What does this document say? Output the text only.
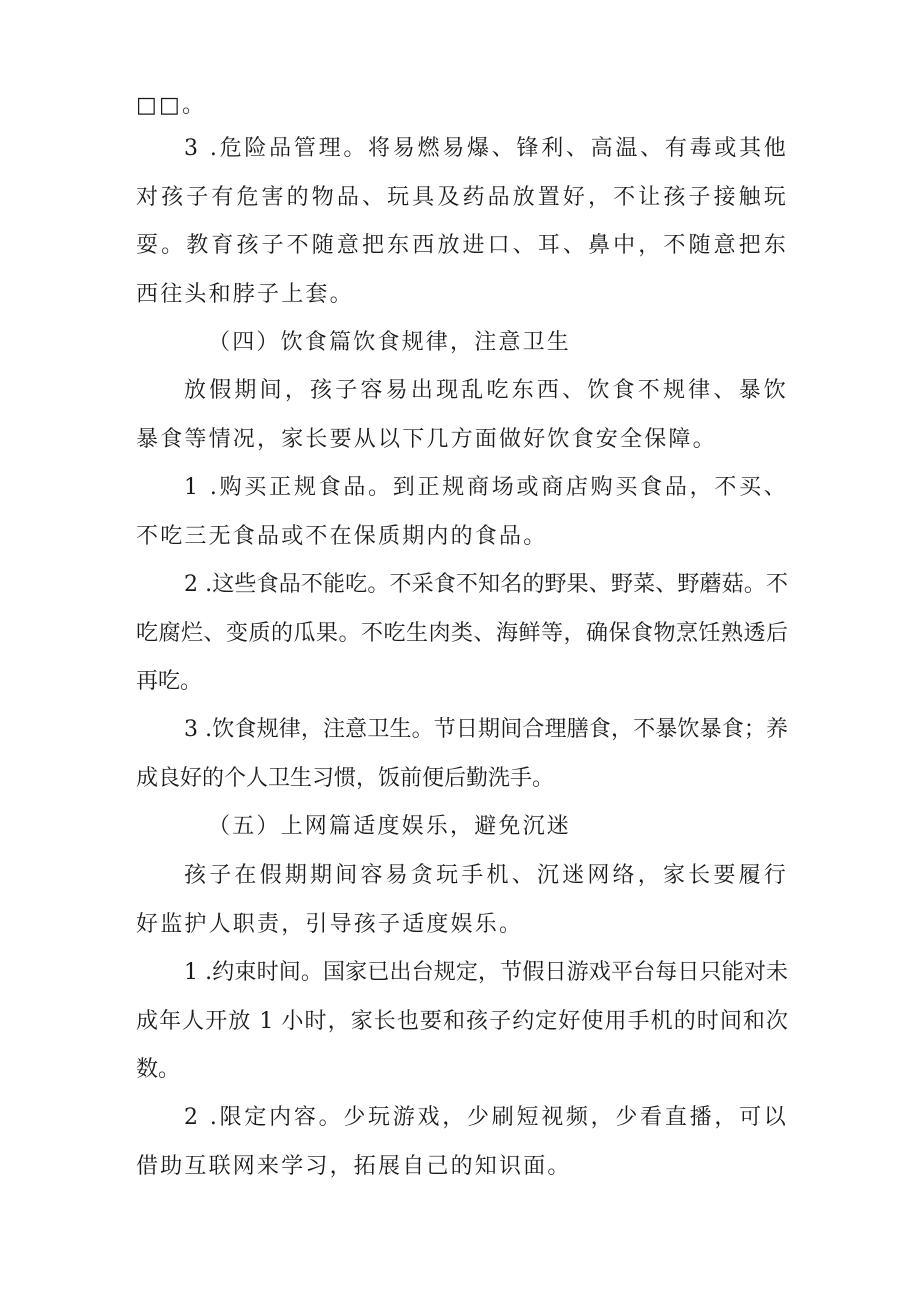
□□。

3 .危险品管理。将易燃易爆、锋利、高温、有毒或其他对孩子有危害的物品、玩具及药品放置好，不让孩子接触玩耍。教育孩子不随意把东西放进口、耳、鼻中，不随意把东西往头和脖子上套。

（四）饮食篇饮食规律，注意卫生

放假期间，孩子容易出现乱吃东西、饮食不规律、暴饮暴食等情况，家长要从以下几方面做好饮食安全保障。

1 .购买正规食品。到正规商场或商店购买食品，不买、不吃三无食品或不在保质期内的食品。

2 .这些食品不能吃。不采食不知名的野果、野菜、野蘑菇。不吃腐烂、变质的瓜果。不吃生肉类、海鲜等，确保食物烹饪熟透后再吃。

3 .饮食规律，注意卫生。节日期间合理膳食，不暴饮暴食；养成良好的个人卫生习惯，饭前便后勤洗手。

（五）上网篇适度娱乐，避免沉迷

孩子在假期期间容易贪玩手机、沉迷网络，家长要履行好监护人职责，引导孩子适度娱乐。

1 .约束时间。国家已出台规定，节假日游戏平台每日只能对未成年人开放 1 小时，家长也要和孩子约定好使用手机的时间和次数。

2 .限定内容。少玩游戏，少刷短视频，少看直播，可以借助互联网来学习，拓展自己的知识面。
